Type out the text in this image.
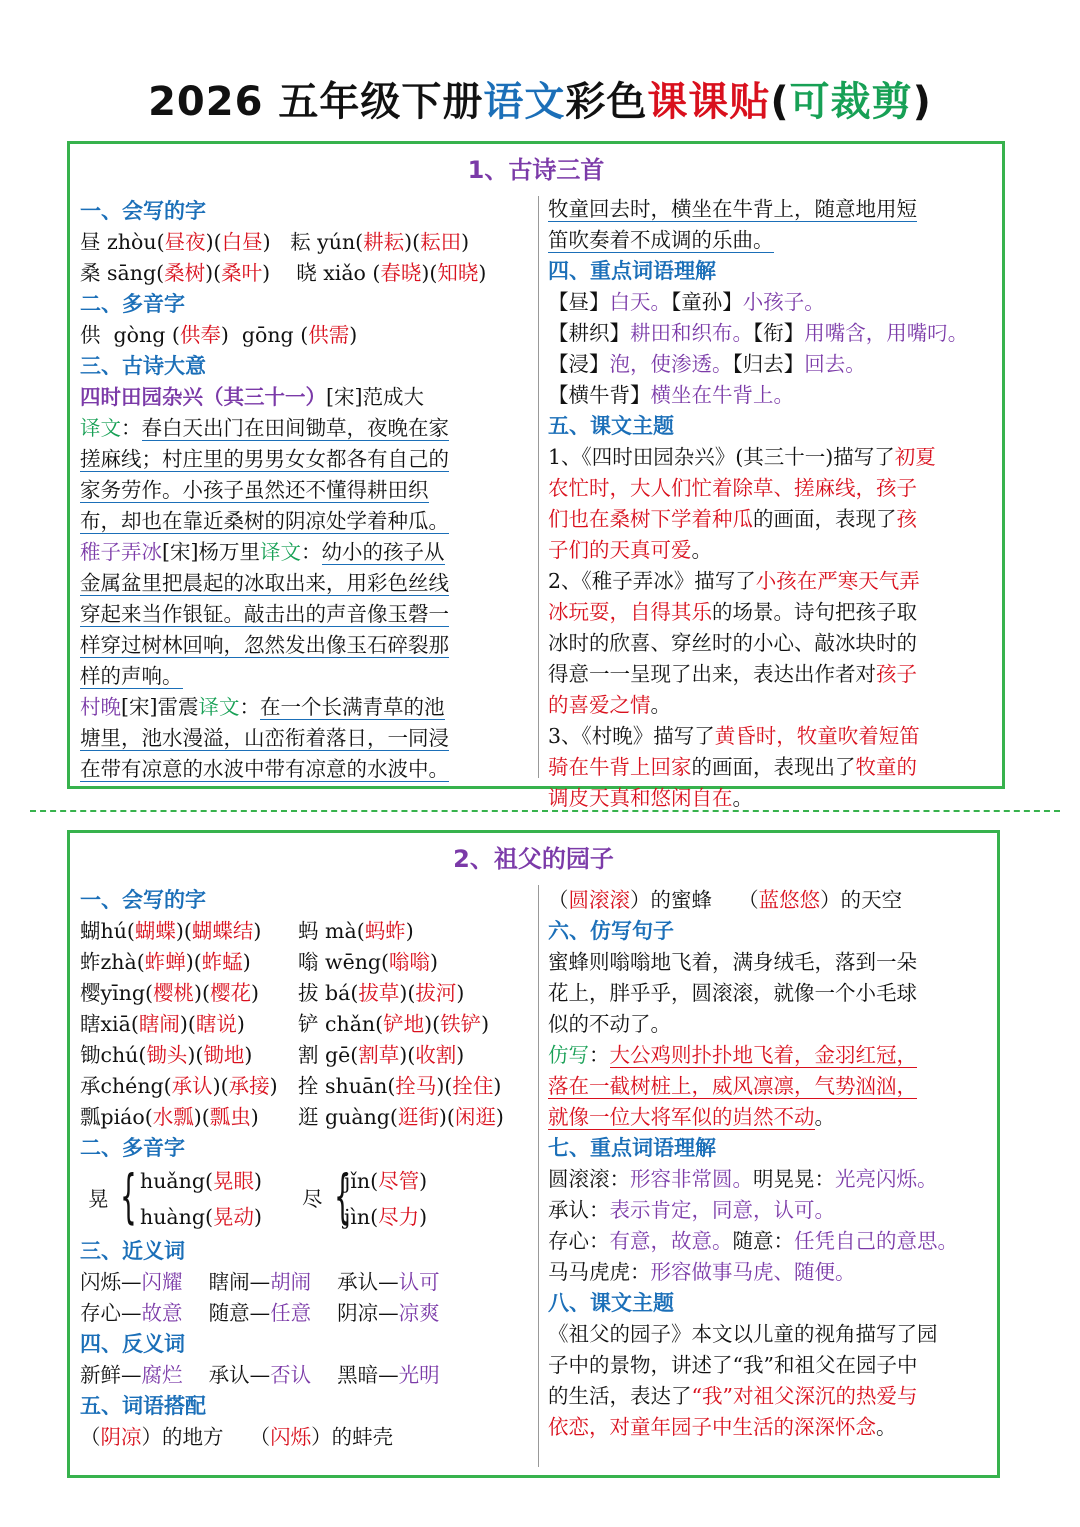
2026 五年级下册语文彩色课课贴(可裁剪)
1、古诗三首
一、会写的字
昼 zhòu(昼夜)(白昼)   耘 yún(耕耘)(耘田)
桑 sāng(桑树)(桑叶)    晓 xiǎo (春晓)(知晓)
二、多音字
供 gòng (供奉)  gōng (供需)
三、古诗大意
四时田园杂兴（其三十一）[宋]范成大
译文：春白天出门在田间锄草，夜晚在家
搓麻线；村庄里的男男女女都各有自己的
家务劳作。小孩子虽然还不懂得耕田织
布，却也在靠近桑树的阴凉处学着种瓜。
稚子弄冰[宋]杨万里译文：幼小的孩子从
金属盆里把晨起的冰取出来，用彩色丝线
穿起来当作银钲。敲击出的声音像玉磬一
样穿过树林回响，忽然发出像玉石碎裂那
样的声响。
村晚[宋]雷震译文：在一个长满青草的池
塘里，池水漫溢，山峦衔着落日，一同浸
在带有凉意的水波中带有凉意的水波中。
牧童回去时，横坐在牛背上，随意地用短
笛吹奏着不成调的乐曲。
四、重点词语理解
【昼】白天。【童孙】小孩子。
【耕织】耕田和织布。【衔】用嘴含，用嘴叼。
【浸】泡，使渗透。【归去】回去。
【横牛背】横坐在牛背上。
五、课文主题
1、《四时田园杂兴》(其三十一)描写了初夏
农忙时，大人们忙着除草、搓麻线，孩子
们也在桑树下学着种瓜的画面，表现了孩
子们的天真可爱。
2、《稚子弄冰》描写了小孩在严寒天气弄
冰玩耍，自得其乐的场景。诗句把孩子取
冰时的欣喜、穿丝时的小心、敲冰块时的
得意一一呈现了出来，表达出作者对孩子
的喜爱之情。
3、《村晚》描写了黄昏时，牧童吹着短笛
骑在牛背上回家的画面，表现出了牧童的
调皮天真和悠闲自在。
2、祖父的园子
一、会写的字
蝴hú(蝴蝶)(蝴蝶结) 蚂 mà(蚂蚱)
蚱zhà(蚱蝉)(蚱蜢) 嗡 wēng(嗡嗡)
樱yīng(樱桃)(樱花) 拔 bá(拔草)(拔河)
瞎xiā(瞎闹)(瞎说)	铲 chǎn(铲地)(铁铲)
锄chú(锄头)(锄地) 割 gē(割草)(收割)
承chéng(承认)(承接) 拴 shuān(拴马)(拴住)
瓢piáo(水瓢)(瓢虫) 逛 guàng(逛街)(闲逛)
二、多音字
晃 { huǎng(晃眼)
huàng(晃动)
尽 {
jǐn(尽管)
jìn(尽力)
三、近义词
闪烁—闪耀 瞎闹—胡闹 承认—认可
存心—故意 随意—任意 阴凉—凉爽
四、反义词
新鲜—腐烂 承认—否认 黑暗—光明
五、词语搭配
（阴凉）的地方    （闪烁）的蚌壳
（圆滚滚）的蜜蜂    （蓝悠悠）的天空
六、仿写句子
蜜蜂则嗡嗡地飞着，满身绒毛，落到一朵
花上，胖乎乎，圆滚滚，就像一个小毛球
似的不动了。
仿写：大公鸡则扑扑地飞着，金羽红冠，
落在一截树桩上，威风凛凛，气势汹汹，
就像一位大将军似的岿然不动。
七、重点词语理解
圆滚滚：形容非常圆。明晃晃：光亮闪烁。
承认：表示肯定，同意，认可。
存心：有意，故意。随意：任凭自己的意思。
马马虎虎：形容做事马虎、随便。
八、课文主题
《祖父的园子》本文以儿童的视角描写了园
子中的景物，讲述了“我”和祖父在园子中
的生活，表达了“我”对祖父深沉的热爱与
依恋，对童年园子中生活的深深怀念。
